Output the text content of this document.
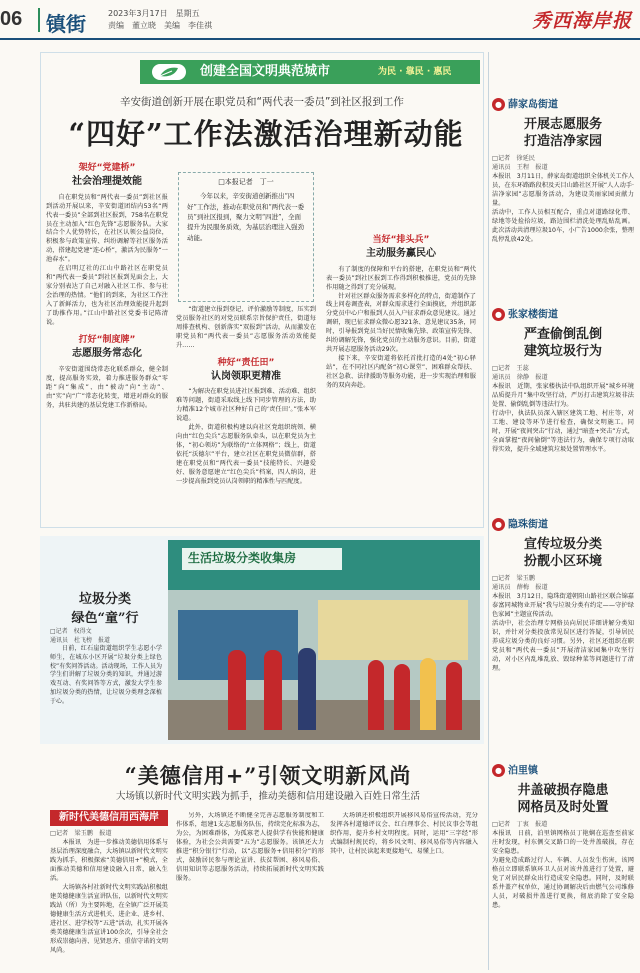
06	镇街	2023年3月17日　星期五
责编　董立晓　美编　李佳祺	秀西海岸报
创建全国文明典范城市	为民 · 靠民 · 惠民
辛安街道创新开展在职党员和“两代表一委员”到社区报到工作
“四好”工作法激活治理新动能
架好“党建桥”
社会治理提效能

自在职党员和“两代表一委员”到社区报到活动开展以来，辛安街道团结内53名“两代表一委员”全部到社区报到，758名在职党员在主动加入“红色先锋”志愿服务队。大家结合个人优势特长，在社区认领公益岗位，积极参与政策宣传、纠纷调解等社区服务活动，搭建起党建“连心桥”，激活为民服务“一池春水”。

在启明辽社的江山中路社区在职党员和“两代表一委员”到社区报到见面会上，大家分别表达了自己对融入社区工作、参与社会治理的热情。“他们的到来，为社区工作注入了新鲜活力，也为社区治理效能提升起到了助推作用。”江山中路社区党委书记陈清说。

打好“制度牌”
志愿服务常态化

辛安街道围绕常态化联系群众，健全制度，提高服务实效，着力推进服务群众“零距”向“集成”、由“被动”向“主动”、由“实”向“广”常态化转变，增进对群众的服务，共驻共建的基层党建工作新格局。

□本报记者　丁一
今年以来，辛安街道创新推出“四好”工作法，推动在职党员和“两代表一委员”到社区报到，聚力文明“四进”，全面提升为民服务质效，为基层治理注入强劲动能。

“街道建立报到登记、评价激励等制度，压实到党员服务社区的对党员联系宗旨保护责任，街道每周排查机构、创新落实“双报到”活动，从而激发在职党员和“两代表一委员”志愿服务活动效能提升……

种好“责任田”
认岗领职更精准

“为解决在职党员进社区报到难、活动难、组织难等问题，街道采取线上线下同步管理的方法，助力精准12个城市社区种好自己的‘责任田’。”张本军说道。

此外，街道积极构建以向社区党组织统领、横向由“红色尖兵”志愿服务队牵头，以在职党员为主体，“初心领坊”为联络的“立体网格”；线上，街道依托“沃德尔”平台，建立社区在职党员微信群，搭建在职党员和“两代表一委员”技能特长、兴趣爱好、服务意愿建立“红色尖兵”档案，四人纳岗，进一步提高报到党员认岗领职的精准性与匹配度。

当好“排头兵”
主动服务赢民心

有了制度的保障和平台的搭建，在职党员和“两代表一委员”到社区报到工作得到积极推进，党员的先锋作用随之得到了充分展现。

针对社区群众服务需求多样化的特点，街道制作了线上问卷调查表，对群众需求进行全面摸底，并组织部分党员中心户和报到人员入户征求群众意见建议。通过调研，现已征求群众微心愿321条、意见建议35条，同时，引导报到党员当好民情收集先锋、政策宣传先锋、纠纷调解先锋，强化党员的主动服务意识。目前，街道共开展志愿服务活动29次。

接下来，辛安街道将依托首批打造的4处“初心驿站”，在不同社区内配备“初心课堂”、困难群众帮扶、社区急救、法律援助等服务功能，进一步实现治理和服务的双向奔赴。

垃圾分类
绿色“童”行
□记者　权得文
通讯员　杜飞榜　报道

日前，红石崖街道组织学生志愿小学师生，在城东小区开展“垃圾分类上绿色校”有奖问答活动。活动现场，工作人员为学生们讲解了垃圾分类的知识，并通过游戏互动、有奖问答等方式，激发大学生参加垃圾分类的热情，让垃圾分类理念深植于心。

生活垃圾分类收集房
“美德信用+”引领文明新风尚
大场镇以新时代文明实践为抓手，推动美德和信用建设融入百姓日常生活
新时代美德信用西海岸
□记者　梁玉鹏　报道

本报讯　为进一步推动美德信用体系与基层治理深度融合，大场镇以新时代文明实践为抓手，积极探索“美德信用+”模式，全面推动美德和信用建设融入日常，融入生活。

大场镇各村社新时代文明实践站积极组建美德健康生活宣讲队伍，以新时代文明实践站（所）为主要阵地，在全镇广泛开展美德健康生活方式进机关、进企业、进乡村、进社区、进学校等“五进”活动，扎实开展各类美德健康生活宣讲100余次，引导全社会形成崇德向善、见贤思齐、重信守诺的文明风尚。

另外，大场镇还不断健全完善志愿服务制度和工作体系，组建1支志愿服务队伍，持续完化标准为志，为公，为困难群体，为孤寡老人提供学有快能和健康体验，为社会公共需要“五为”志愿服务。该镇还大力推进“积分银行”行动，以“志愿服务+信用积分”的形式，鼓励居民参与理论宣讲、扶贫帮困、移风易俗、信用知识等志愿服务活动，持续拓展新时代文明实践服务。

大场镇还积极组织开展移风易俗宣传活动，充分发挥各村道德评议会、红白理事会、村民议事会等组织作用，提升乡村文明程度。同时，运用“三字经”形式编制村规民约，将乡风文明、移风易俗等内容融入其中，让村民读起来更接地气、易懂上口。

● 薛家岛街道
开展志愿服务
打造洁净家园
□记者　徐延民
通讯员　王程　报道
本报讯　3月11日，薛家岛街道组织全体机关工作人员，在东环路路段积及天目山路社区开展“人人动手·洁净家园”志愿服务活动，为建设美丽家园贡献力量。
活动中，工作人员相互配合，重点对道路绿化带、绿地等处捡拾垃圾，路边围栏清洗处理乱贴乱画。此次活动共清理垃圾10车，小广告1000余张，整理乱停乱放42处。
● 张家楼街道
严查偷倒乱倒
建筑垃圾行为
□记者　王蕊
通讯员　徐静　报道
本报讯　近期，张家楼执法中队组织开展“城乡环境品质提升月”集中攻坚行动，严厉打击建筑垃圾非法处置、偷倒乱倒等违法行为。
行动中，执法队员深入辖区建筑工地、村庄等，对工地、建设等环节进行检查，确保文明施工。同时，开展“夜间突击”行动，通过“暗查+突击”方式，全面掌握“夜间偷倒”等违法行为，确保专项行动取得实效，提升全域建筑垃圾处置管理水平。
● 隐珠街道
宣传垃圾分类
扮靓小区环境
□记者　梁玉鹏
通讯员　薛梅　报道
本报讯　3月12日，隐珠街道朝阳山路社区联合锦嘉泰富同城物业开展“我与垃圾分类有约定——守护绿色家园”主题宣传活动。
活动中，社会治理专网格员向居民详细讲解分类知识，并针对分类投放常见误区进行答疑，引导居民养成垃圾分类的良好习惯。另外，社区还组织在职党员和“两代表一委员”开展清洁家园集中攻坚行动，对小区内乱堆乱放、毁绿种菜等问题进行了清理。
● 泊里镇
井盖破损存隐患
网格员及时处置
□记者　丁衷　报道
本报讯　日前，泊里镇网格员丁艳娴在巡查至前家庄时发现，村东侧交叉路口的一处井盖破损，存在安全隐患。
为避免造成路过行人、车辆、人员发生伤害，该网格员立即联系镇环卫人员对该井盖进行了处置，避免了对居民群众出行造成安全隐患。同时，及时联系井盖产权单位，通过协调解决后由燃气公司维修人员，对破损井盖进行更换，彻底消除了安全隐患。
